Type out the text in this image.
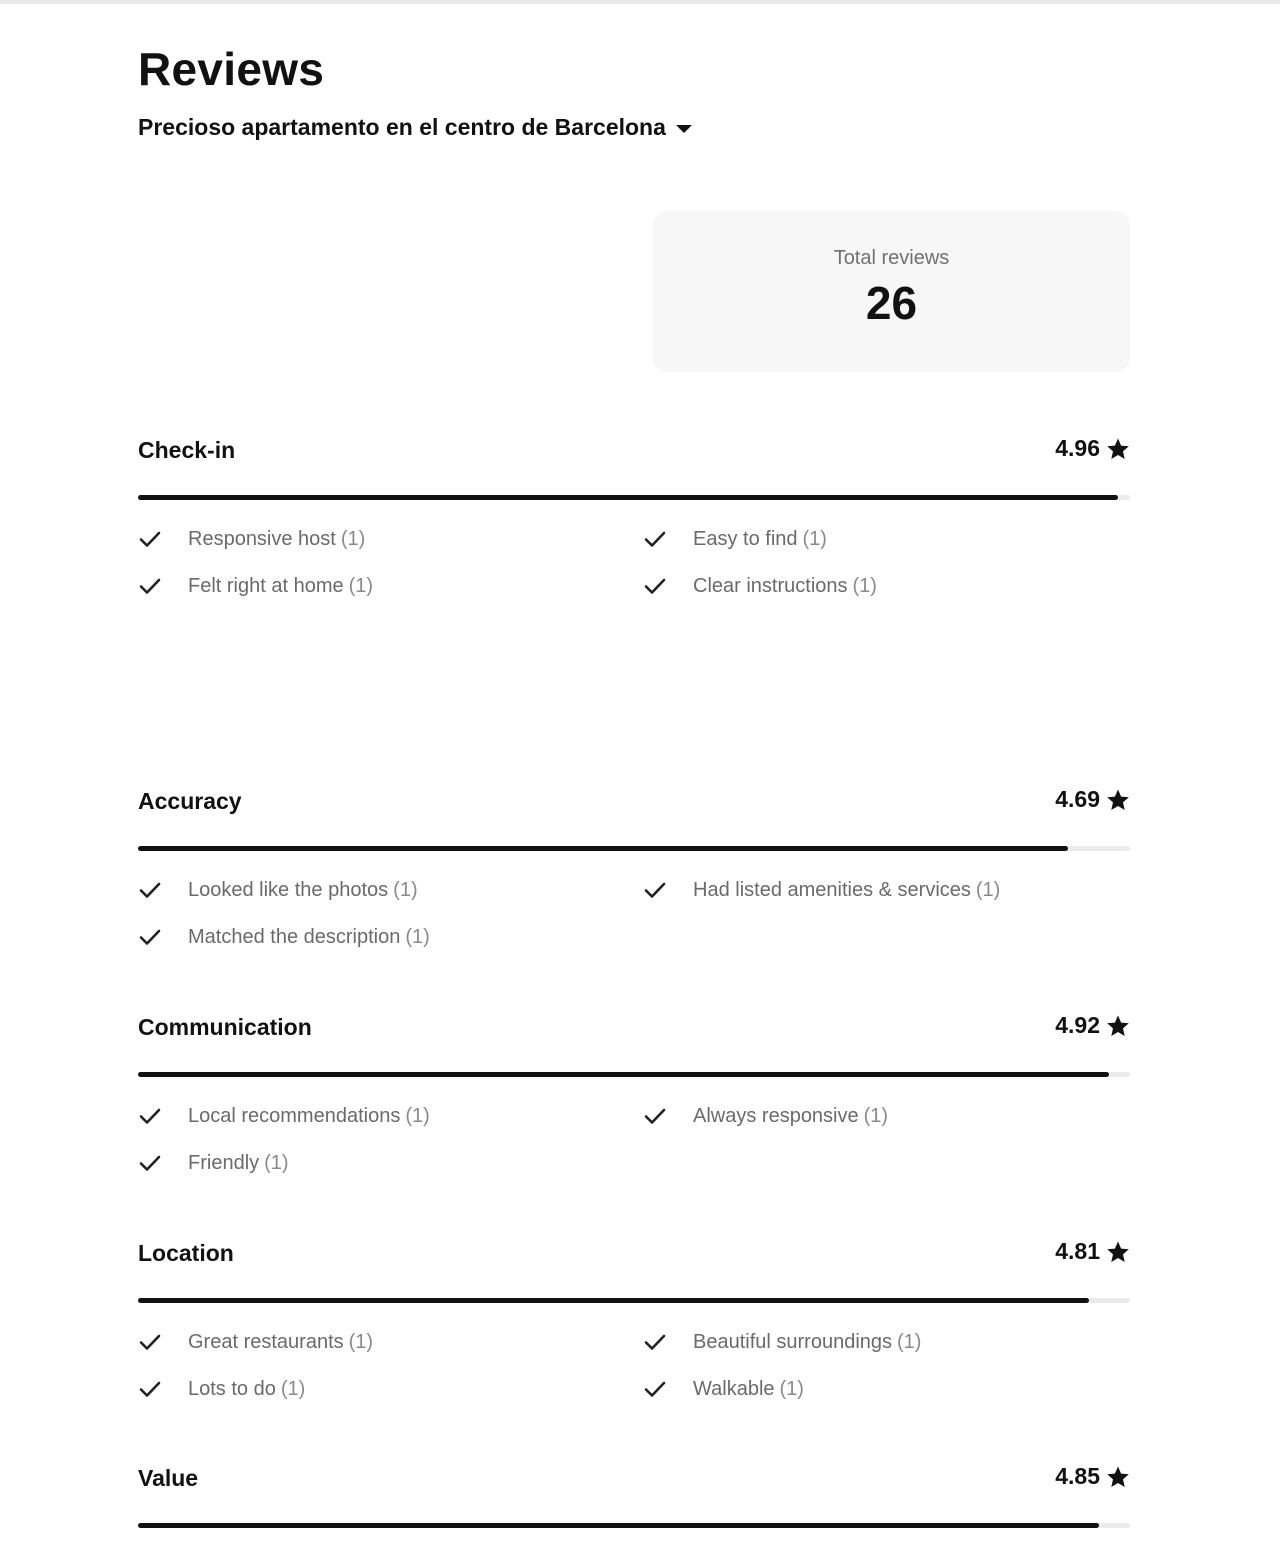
Reviews
Precioso apartamento en el centro de Barcelona
Total reviews
26
Check-in	4.96
Responsive host (1)	Easy to find (1)
Felt right at home (1)	Clear instructions (1)
Accuracy	4.69
Looked like the photos (1)	Had listed amenities & services (1)
Matched the description (1)
Communication	4.92
Local recommendations (1)	Always responsive (1)
Friendly (1)
Location	4.81
Great restaurants (1)	Beautiful surroundings (1)
Lots to do (1)	Walkable (1)
Value	4.85
